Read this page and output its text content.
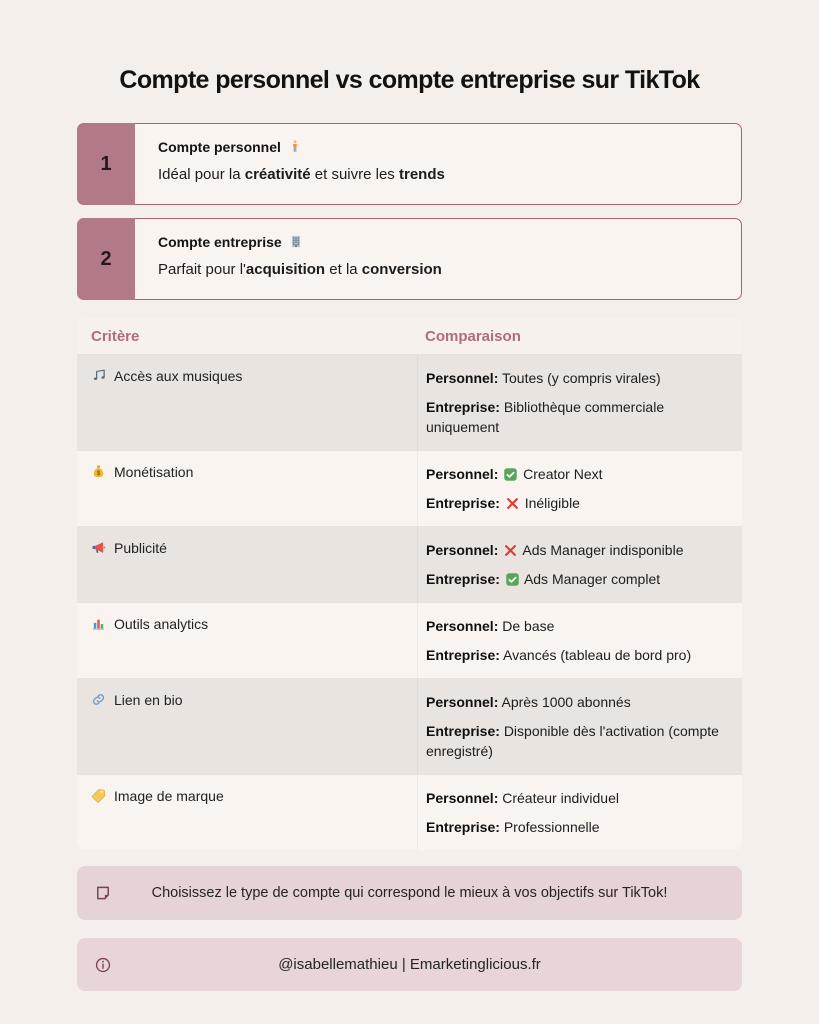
Compte personnel vs compte entreprise sur TikTok
1
Compte personnel
Idéal pour la créativité et suivre les trends
2
Compte entreprise
Parfait pour l'acquisition et la conversion
Critère	Comparaison
Accès aux musiques	Personnel: Toutes (y compris virales)
Entreprise: Bibliothèque commerciale uniquement
$ Monétisation	Personnel: Creator Next
Entreprise: Inéligible
Publicité	Personnel: Ads Manager indisponible
Entreprise: Ads Manager complet
Outils analytics	Personnel: De base
Entreprise: Avancés (tableau de bord pro)
Lien en bio	Personnel: Après 1000 abonnés
Entreprise: Disponible dès l'activation (compte enregistré)
Image de marque	Personnel: Créateur individuel
Entreprise: Professionnelle
Choisissez le type de compte qui correspond le mieux à vos objectifs sur TikTok!
@isabellemathieu | Emarketinglicious.fr
